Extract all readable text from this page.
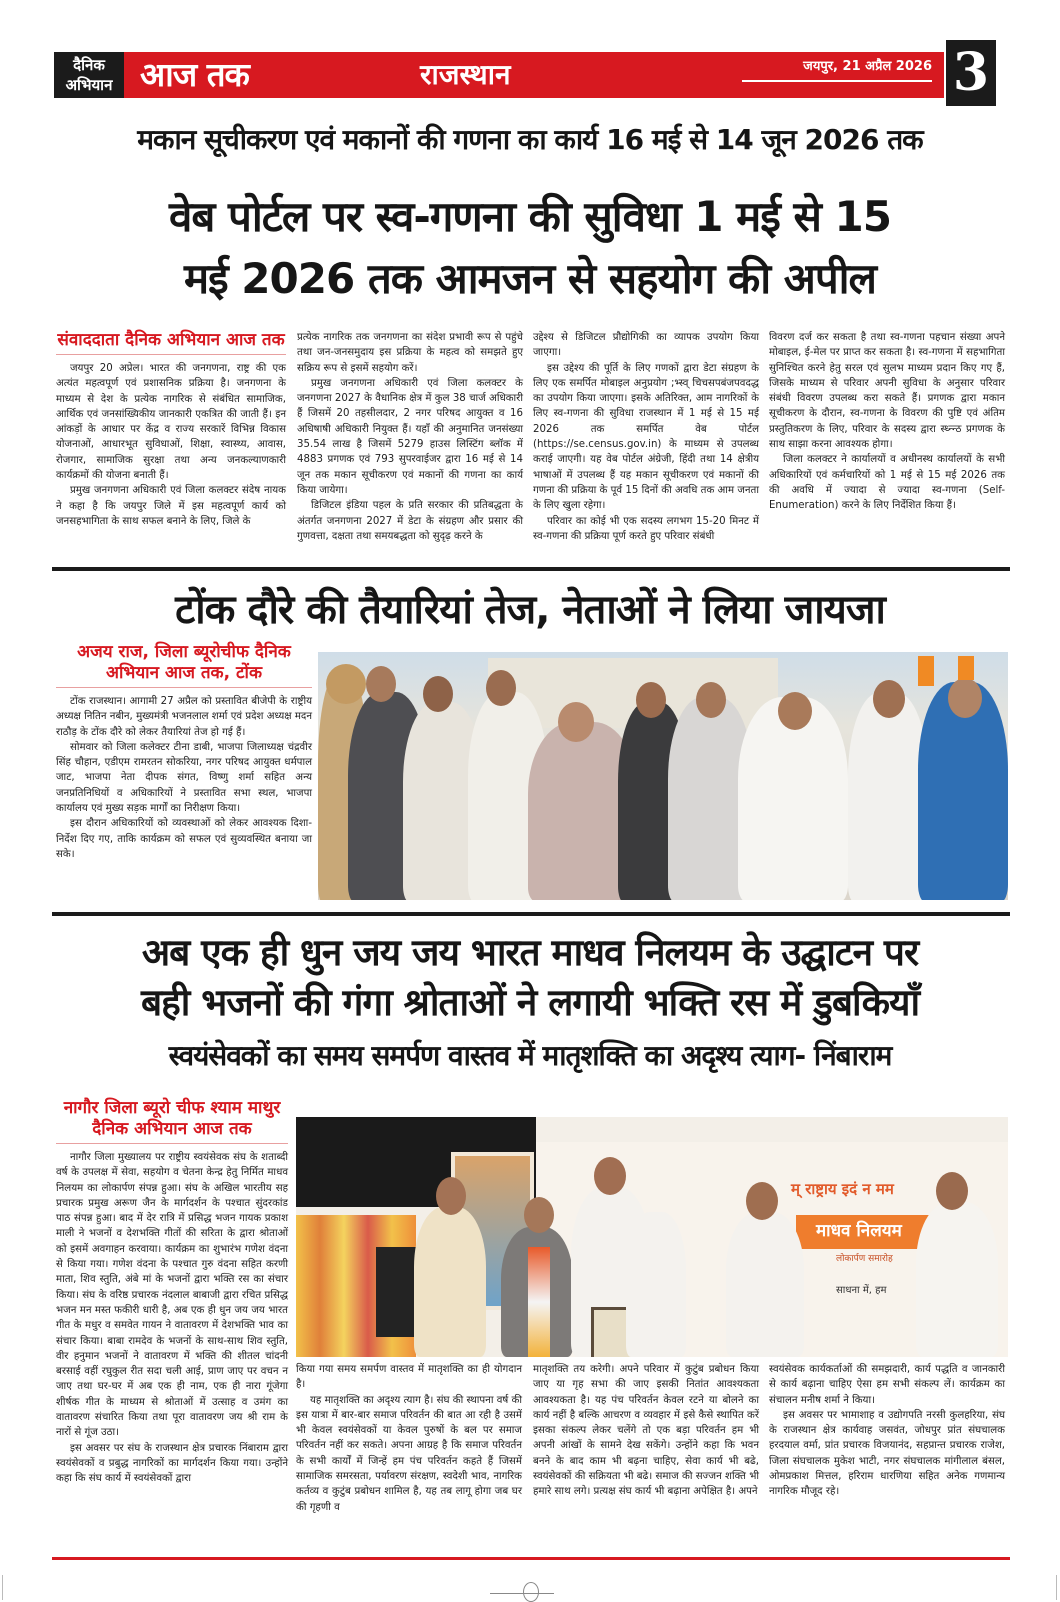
दैनिक
अभियान आज तक	राजस्थान	जयपुर, 21 अप्रैल 2026 3
मकान सूचीकरण एवं मकानों की गणना का कार्य 16 मई से 14 जून 2026 तक
वेब पोर्टल पर स्व-गणना की सुविधा 1 मई से 15
मई 2026 तक आमजन से सहयोग की अपील
संवाददाता दैनिक अभियान आज तक

जयपुर 20 अप्रेल। भारत की जनगणना, राष्ट्र की एक अत्यंत महत्वपूर्ण एवं प्रशासनिक प्रक्रिया है। जनगणना के माध्यम से देश के प्रत्येक नागरिक से संबंधित सामाजिक, आर्थिक एवं जनसांख्यिकीय जानकारी एकत्रित की जाती हैं। इन आंकड़ों के आधार पर केंद्र व राज्य सरकारें विभिन्न विकास योजनाओं, आधारभूत सुविधाओं, शिक्षा, स्वास्थ्य, आवास, रोजगार, सामाजिक सुरक्षा तथा अन्य जनकल्याणकारी कार्यक्रमों की योजना बनाती हैं।

प्रमुख जनगणना अधिकारी एवं जिला कलक्टर संदेष नायक ने कहा है कि जयपुर जिले में इस महत्वपूर्ण कार्य को जनसहभागिता के साथ सफल बनाने के लिए, जिले के

प्रत्येक नागरिक तक जनगणना का संदेश प्रभावी रूप से पहुंचे तथा जन-जनसमुदाय इस प्रक्रिया के महत्व को समझते हुए सक्रिय रूप से इसमें सहयोग करें।

प्रमुख जनगणना अधिकारी एवं जिला कलक्टर के जनगणना 2027 के वैधानिक क्षेत्र में कुल 38 चार्ज अधिकारी हैं जिसमें 20 तहसीलदार, 2 नगर परिषद आयुक्त व 16 अधिषाषी अधिकारी नियुक्त हैं। यहाँ की अनुमानित जनसंख्या 35.54 लाख है जिसमें 5279 हाउस लिस्टिंग ब्लॉक में 4883 प्रगणक एवं 793 सुपरवाईजर द्वारा 16 मई से 14 जून तक मकान सूचीकरण एवं मकानों की गणना का कार्य किया जायेगा।

डिजिटल इंडिया पहल के प्रति सरकार की प्रतिबद्धता के अंतर्गत जनगणना 2027 में डेटा के संग्रहण और प्रसार की गुणवत्ता, दक्षता तथा समयबद्धता को सुदृढ़ करने के

उद्देश्य से डिजिटल प्रौद्योगिकी का व्यापक उपयोग किया जाएगा।

इस उद्देश्य की पूर्ति के लिए गणकों द्वारा डेटा संग्रहण के लिए एक समर्पित मोबाइल अनुप्रयोग ;भ्स्व् चिचसपबंजपवदद्ध का उपयोग किया जाएगा। इसके अतिरिक्त, आम नागरिकों के लिए स्व-गणना की सुविधा राजस्थान में 1 मई से 15 मई 2026 तक समर्पित वेब पोर्टल (https://se.census.gov.in) के माध्यम से उपलब्ध कराई जाएगी। यह वेब पोर्टल अंग्रेजी, हिंदी तथा 14 क्षेत्रीय भाषाओं में उपलब्ध हैं यह मकान सूचीकरण एवं मकानों की गणना की प्रक्रिया के पूर्व 15 दिनों की अवधि तक आम जनता के लिए खुला रहेगा।

परिवार का कोई भी एक सदस्य लगभग 15-20 मिनट में स्व-गणना की प्रक्रिया पूर्ण करते हुए परिवार संबंधी

विवरण दर्ज कर सकता है तथा स्व-गणना पहचान संख्या अपने मोबाइल, ई-मेल पर प्राप्त कर सकता है। स्व-गणना में सहभागिता सुनिश्चित करने हेतु सरल एवं सुलभ माध्यम प्रदान किए गए हैं, जिसके माध्यम से परिवार अपनी सुविधा के अनुसार परिवार संबंधी विवरण उपलब्ध करा सकते हैं। प्रगणक द्वारा मकान सूचीकरण के दौरान, स्व-गणना के विवरण की पुष्टि एवं अंतिम प्रस्तुतिकरण के लिए, परिवार के सदस्य द्वारा स्ध्न्न्ठ प्रगणक के साथ साझा करना आवश्यक होगा।

जिला कलक्टर ने कार्यालयों व अधीनस्थ कार्यालयों के सभी अधिकारियों एवं कर्मचारियों को 1 मई से 15 मई 2026 तक की अवधि में ज्यादा से ज्यादा स्व-गणना (Self-Enumeration) करने के लिए निर्देशित किया हैं।

टोंक दौरे की तैयारियां तेज, नेताओं ने लिया जायजा
अजय राज, जिला ब्यूरोचीफ दैनिक अभियान आज तक, टोंक

टोंक राजस्थान। आगामी 27 अप्रैल को प्रस्तावित बीजेपी के राष्ट्रीय अध्यक्ष नितिन नबीन, मुख्यमंत्री भजनलाल शर्मा एवं प्रदेश अध्यक्ष मदन राठौड़ के टोंक दौरे को लेकर तैयारियां तेज हो गई हैं।

सोमवार को जिला कलेक्टर टीना डाबी, भाजपा जिलाध्यक्ष चंद्रवीर सिंह चौहान, एडीएम रामरतन सोकरिया, नगर परिषद आयुक्त धर्मपाल जाट, भाजपा नेता दीपक संगत, विष्णु शर्मा सहित अन्य जनप्रतिनिधियों व अधिकारियों ने प्रस्तावित सभा स्थल, भाजपा कार्यालय एवं मुख्य सड़क मार्गों का निरीक्षण किया।

इस दौरान अधिकारियों को व्यवस्थाओं को लेकर आवश्यक दिशा-निर्देश दिए गए, ताकि कार्यक्रम को सफल एवं सुव्यवस्थित बनाया जा सके।

अब एक ही धुन जय जय भारत माधव निलयम के उद्घाटन पर
बही भजनों की गंगा श्रोताओं ने लगायी भक्ति रस में डुबकियाँ
स्वयंसेवकों का समय समर्पण वास्तव में मातृशक्ति का अदृश्य त्याग- निंबाराम
नागौर जिला ब्यूरो चीफ श्याम माथुर दैनिक अभियान आज तक

नागौर जिला मुख्यालय पर राष्ट्रीय स्वयंसेवक संघ के शताब्दी वर्ष के उपलक्ष में सेवा, सहयोग व चेतना केन्द्र हेतु निर्मित माधव निलयम का लोकार्पण संपन्न हुआ। संघ के अखिल भारतीय सह प्रचारक प्रमुख अरूण जैन के मार्गदर्शन के पश्चात सुंदरकांड पाठ संपन्न हुआ। बाद में देर रात्रि में प्रसिद्ध भजन गायक प्रकाश माली ने भजनों व देशभक्ति गीतों की सरिता के द्वारा श्रोताओं को इसमें अवगाहन करवाया। कार्यक्रम का शुभारंभ गणेश वंदना से किया गया। गणेश वंदना के पश्चात गुरु वंदना सहित करणी माता, शिव स्तुति, अंबे मां के भजनों द्वारा भक्ति रस का संचार किया। संघ के वरिष्ठ प्रचारक नंदलाल बाबाजी द्वारा रचित प्रसिद्ध भजन मन मस्त फकीरी धारी है, अब एक ही धुन जय जय भारत गीत के मधुर व समवेत गायन ने वातावरण में देशभक्ति भाव का संचार किया। बाबा रामदेव के भजनों के साथ-साथ शिव स्तुति, वीर हनुमान भजनों ने वातावरण में भक्ति की शीतल चांदनी बरसाई वहीं रघुकुल रीत सदा चली आई, प्राण जाए पर वचन न जाए तथा घर-घर में अब एक ही नाम, एक ही नारा गूंजेगा शीर्षक गीत के माध्यम से श्रोताओं में उत्साह व उमंग का वातावरण संचारित किया तथा पूरा वातावरण जय श्री राम के नारों से गूंज उठा।

इस अवसर पर संघ के राजस्थान क्षेत्र प्रचारक निंबाराम द्वारा स्वयंसेवकों व प्रबुद्ध नागरिकों का मार्गदर्शन किया गया। उन्होंने कहा कि संघ कार्य में स्वयंसेवकों द्वारा

म् राष्ट्राय इदं न मम
माधव निलयम
लोकार्पण समारोह
साधना में, हम

किया गया समय समर्पण वास्तव में मातृशक्ति का ही योगदान है।

यह मातृशक्ति का अदृश्य त्याग है। संघ की स्थापना वर्ष की इस यात्रा में बार-बार समाज परिवर्तन की बात आ रही है उसमें भी केवल स्वयंसेवकों या केवल पुरुषों के बल पर समाज परिवर्तन नहीं कर सकते। अपना आग्रह है कि समाज परिवर्तन के सभी कार्यों में जिन्हें हम पंच परिवर्तन कहते हैं जिसमें सामाजिक समरसता, पर्यावरण संरक्षण, स्वदेशी भाव, नागरिक कर्तव्य व कुटुंब प्रबोधन शामिल है, यह तब लागू होगा जब घर की गृहणी व

मातृशक्ति तय करेगी। अपने परिवार में कुटुंब प्रबोधन किया जाए या गृह सभा की जाए इसकी नितांत आवश्यकता आवश्यकता है। यह पंच परिवर्तन केवल रटने या बोलने का कार्य नहीं है बल्कि आचरण व व्यवहार में इसे कैसे स्थापित करें इसका संकल्प लेकर चलेंगे तो एक बड़ा परिवर्तन हम भी अपनी आंखों के सामने देख सकेंगे। उन्होंने कहा कि भवन बनने के बाद काम भी बढ़ना चाहिए, सेवा कार्य भी बढे, स्वयंसेवकों की सक्रियता भी बढे। समाज की सज्जन शक्ति भी हमारे साथ लगे। प्रत्यक्ष संघ कार्य भी बढ़ाना अपेक्षित है। अपने

स्वयंसेवक कार्यकर्ताओं की समझदारी, कार्य पद्धति व जानकारी से कार्य बढ़ाना चाहिए ऐसा हम सभी संकल्प लें। कार्यक्रम का संचालन मनीष शर्मा ने किया।

इस अवसर पर भामाशाह व उद्योगपति नरसी कुलहरिया, संघ के राजस्थान क्षेत्र कार्यवाह जसवंत, जोधपुर प्रांत संघचालक हरदयाल वर्मा, प्रांत प्रचारक विजयानंद, सहप्रान्त प्रचारक राजेश, जिला संघचालक मुकेश भाटी, नगर संघचालक मांगीलाल बंसल, ओमप्रकाश मित्तल, हरिराम धारणिया सहित अनेक गणमान्य नागरिक मौजूद रहे।
